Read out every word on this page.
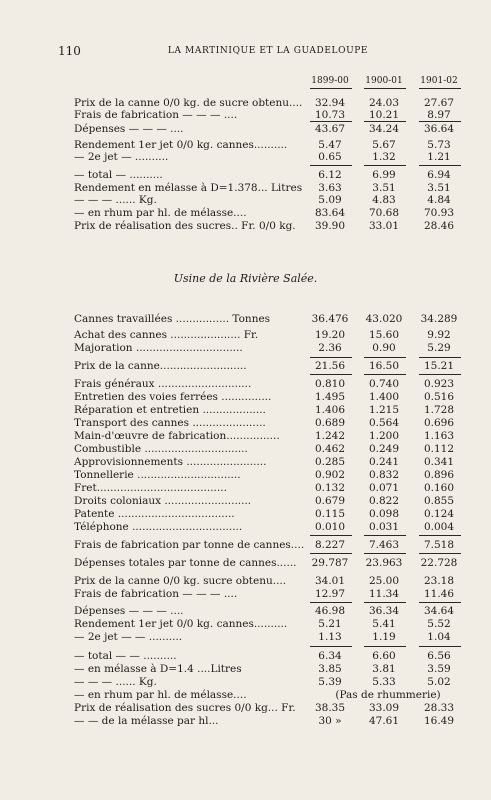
110	LA MARTINIQUE ET LA GUADELOUPE
1899-00	1900-01	1901-02
Prix de la canne 0/0 kg. de sucre obtenu....	32.94	24.03	27.67
Frais de fabrication — — — ....	10.73	10.21	8.97
Dépenses — — — ....	43.67	34.24	36.64
Rendement 1er jet 0/0 kg. cannes..........	5.47	5.67	5.73
— 2e jet — ..........	0.65	1.32	1.21
— total — ..........	6.12	6.99	6.94
Rendement en mélasse à D=1.378... Litres	3.63	3.51	3.51
— — — ...... Kg.	5.09	4.83	4.84
— en rhum par hl. de mélasse....	83.64	70.68	70.93
Prix de réalisation des sucres.. Fr. 0/0 kg.	39.90	33.01	28.46
Usine de la Rivière Salée.
Cannes travaillées ................ Tonnes	36.476	43.020	34.289
Achat des cannes ..................... Fr.	19.20	15.60	9.92
Majoration ................................	2.36	0.90	5.29
Prix de la canne..........................	21.56	16.50	15.21
Frais généraux ............................	0.810	0.740	0.923
Entretien des voies ferrées ...............	1.495	1.400	0.516
Réparation et entretien ...................	1.406	1.215	1.728
Transport des cannes ......................	0.689	0.564	0.696
Main-d'œuvre de fabrication................	1.242	1.200	1.163
Combustible ...............................	0.462	0.249	0.112
Approvisionnements ........................	0.285	0.241	0.341
Tonnellerie ...............................	0.902	0.832	0.896
Fret.......................................	0.132	0.071	0.160
Droits coloniaux ..........................	0.679	0.822	0.855
Patente ...................................	0.115	0.098	0.124
Téléphone .................................	0.010	0.031	0.004
Frais de fabrication par tonne de cannes....	8.227	7.463	7.518
Dépenses totales par tonne de cannes......	29.787	23.963	22.728
Prix de la canne 0/0 kg. sucre obtenu....	34.01	25.00	23.18
Frais de fabrication — — — ....	12.97	11.34	11.46
Dépenses — — — ....	46.98	36.34	34.64
Rendement 1er jet 0/0 kg. cannes..........	5.21	5.41	5.52
— 2e jet — — ..........	1.13	1.19	1.04
— total — — ..........	6.34	6.60	6.56
— en mélasse à D=1.4 ....Litres	3.85	3.81	3.59
— — — ...... Kg.	5.39	5.33	5.02
— en rhum par hl. de mélasse....	(Pas de rhummerie)
Prix de réalisation des sucres 0/0 kg... Fr.	38.35	33.09	28.33
— — de la mélasse par hl...	30 »	47.61	16.49
